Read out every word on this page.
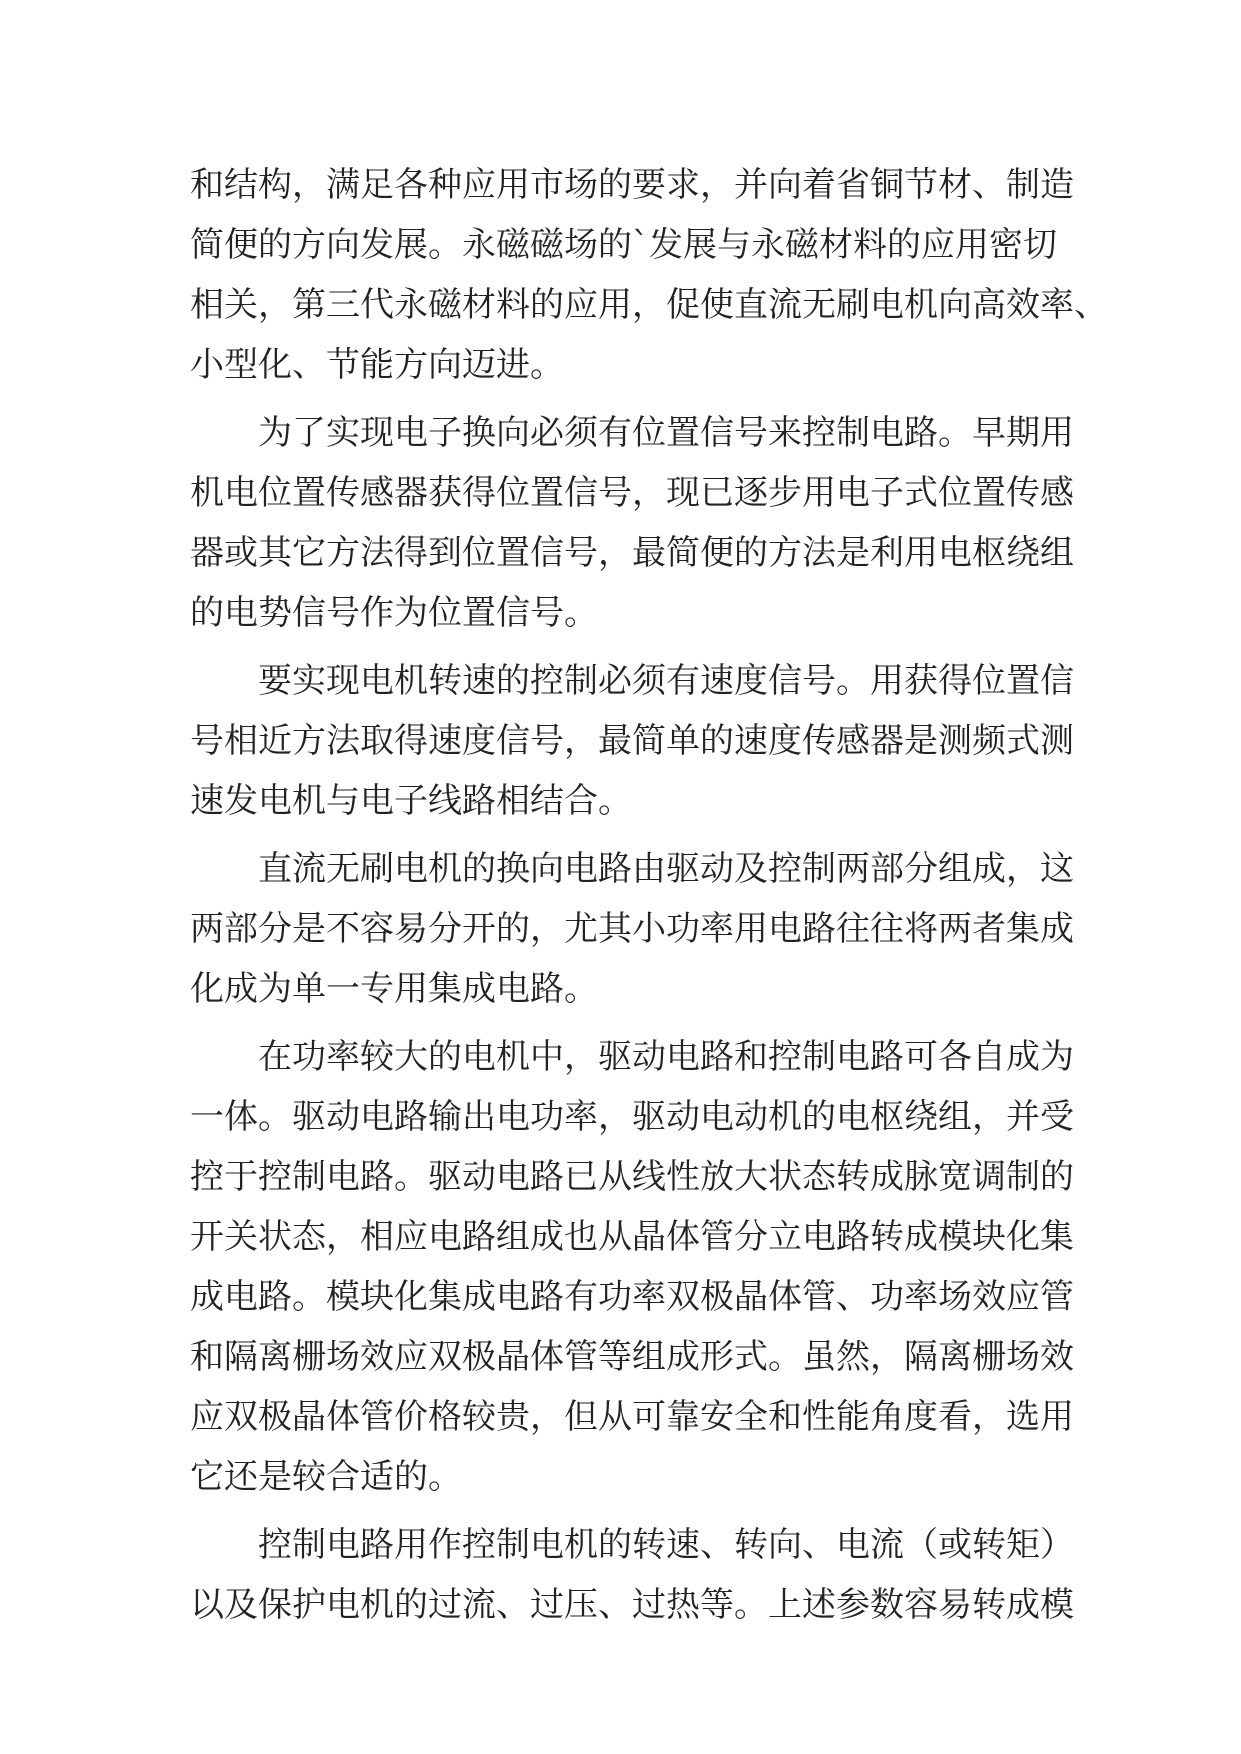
和结构，满足各种应用市场的要求，并向着省铜节材、制造
简便的方向发展。永磁磁场的`发展与永磁材料的应用密切
相关，第三代永磁材料的应用，促使直流无刷电机向高效率、
小型化、节能方向迈进。
为了实现电子换向必须有位置信号来控制电路。早期用
机电位置传感器获得位置信号，现已逐步用电子式位置传感
器或其它方法得到位置信号，最简便的方法是利用电枢绕组
的电势信号作为位置信号。
要实现电机转速的控制必须有速度信号。用获得位置信
号相近方法取得速度信号，最简单的速度传感器是测频式测
速发电机与电子线路相结合。
直流无刷电机的换向电路由驱动及控制两部分组成，这
两部分是不容易分开的，尤其小功率用电路往往将两者集成
化成为单一专用集成电路。
在功率较大的电机中，驱动电路和控制电路可各自成为
一体。驱动电路输出电功率，驱动电动机的电枢绕组，并受
控于控制电路。驱动电路已从线性放大状态转成脉宽调制的
开关状态，相应电路组成也从晶体管分立电路转成模块化集
成电路。模块化集成电路有功率双极晶体管、功率场效应管
和隔离栅场效应双极晶体管等组成形式。虽然，隔离栅场效
应双极晶体管价格较贵，但从可靠安全和性能角度看，选用
它还是较合适的。
控制电路用作控制电机的转速、转向、电流（或转矩）
以及保护电机的过流、过压、过热等。上述参数容易转成模
